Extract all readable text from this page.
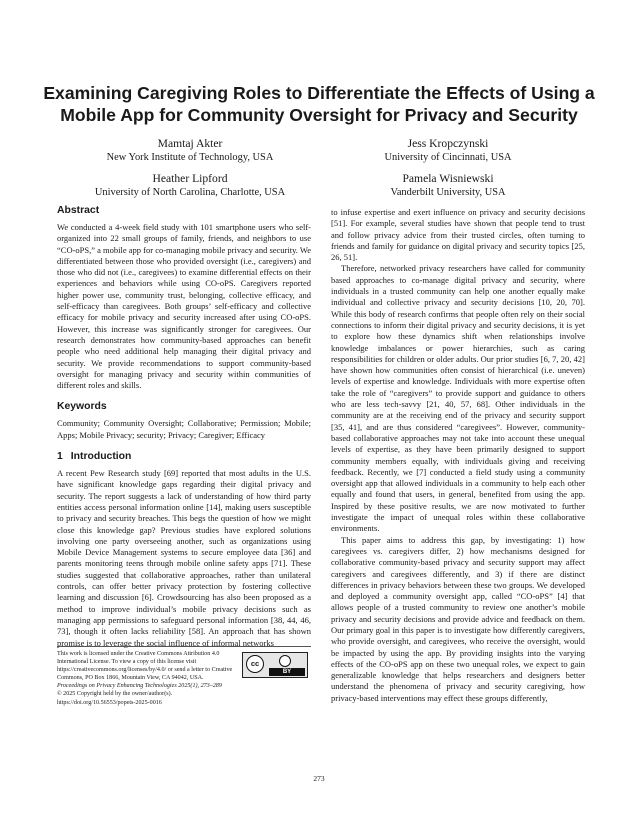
Examining Caregiving Roles to Differentiate the Effects of Using a Mobile App for Community Oversight for Privacy and Security
Mamtaj Akter
New York Institute of Technology, USA
Jess Kropczynski
University of Cincinnati, USA
Heather Lipford
University of North Carolina, Charlotte, USA
Pamela Wisniewski
Vanderbilt University, USA
Abstract

We conducted a 4-week field study with 101 smartphone users who self-organized into 22 small groups of family, friends, and neighbors to use “CO-oPS,” a mobile app for co-managing mobile privacy and security. We differentiated between those who provided oversight (i.e., caregivers) and those who did not (i.e., caregivees) to examine differential effects on their experiences and behaviors while using CO-oPS. Caregivers reported higher power use, community trust, belonging, collective efficacy, and self-efficacy than caregivees. Both groups’ self-efficacy and collective efficacy for mobile privacy and security increased after using CO-oPS. However, this increase was significantly stronger for caregivees. Our research demonstrates how community-based approaches can benefit people who need additional help managing their digital privacy and security. We provide recommendations to support community-based oversight for managing privacy and security within communities of different roles and skills.

Keywords

Community; Community Oversight; Collaborative; Permission; Mobile; Apps; Mobile Privacy; security; Privacy; Caregiver; Efficacy

1 Introduction

A recent Pew Research study [69] reported that most adults in the U.S. have significant knowledge gaps regarding their digital privacy and security. The report suggests a lack of understanding of how third party entities access personal information online [14], making users susceptible to privacy and security breaches. This begs the question of how we might close this knowledge gap? Previous studies have explored solutions involving one party overseeing another, such as organizations using Mobile Device Management systems to secure employee data [36] and parents monitoring teens through mobile online safety apps [71]. These studies suggested that collaborative approaches, rather than unilateral controls, can offer better privacy protection by fostering collective learning and discussion [6]. Crowdsourcing has also been proposed as a method to improve individual’s mobile privacy decisions such as managing app permissions to safeguard personal information [38, 44, 46, 73], though it often lacks reliability [58]. An approach that has shown promise is to leverage the social influence of informal networks

to infuse expertise and exert influence on privacy and security decisions [51]. For example, several studies have shown that people tend to trust and follow privacy advice from their trusted circles, often turning to friends and family for guidance on digital privacy and security topics [25, 26, 51].

Therefore, networked privacy researchers have called for community based approaches to co-manage digital privacy and security, where individuals in a trusted community can help one another equally make individual and collective privacy and security decisions [10, 20, 70]. While this body of research confirms that people often rely on their social connections to inform their digital privacy and security decisions, it is yet to explore how these dynamics shift when relationships involve knowledge imbalances or power hierarchies, such as caring responsibilities for children or older adults. Our prior studies [6, 7, 20, 42] have shown how communities often consist of hierarchical (i.e. uneven) levels of expertise and knowledge. Individuals with more expertise often take the role of “caregivers” to provide support and guidance to others who are less tech-savvy [21, 40, 57, 68]. Other individuals in the community are at the receiving end of the privacy and security support [35, 41], and are thus considered “caregivees”. However, community-based collaborative approaches may not take into account these unequal levels of expertise, as they have been primarily designed to support community members equally, with individuals giving and receiving feedback. Recently, we [7] conducted a field study using a community oversight app that allowed individuals in a community to help each other equally and found that users, in general, benefited from using the app. Inspired by these positive results, we are now motivated to further investigate the impact of unequal roles within these collaborative environments.

This paper aims to address this gap, by investigating: 1) how caregivees vs. caregivers differ, 2) how mechanisms designed for collaborative community-based privacy and security support may affect caregivers and caregivees differently, and 3) if there are distinct differences in privacy behaviors between these two groups. We developed and deployed a community oversight app, called “CO-oPS” [4] that allows people of a trusted community to review one another’s mobile privacy and security decisions and provide advice and feedback on them. Our primary goal in this paper is to investigate how differently caregivers, who provide oversight, and caregivees, who receive the oversight, would be impacted by using the app. By providing insights into the varying effects of the CO-oPS app on these two unequal roles, we expect to gain generalizable knowledge that helps researchers and designers better understand the phenomena of privacy and security caregiving, how privacy-based interventions may effect these groups differently,

This work is licensed under the Creative Commons Attribution 4.0 International License. To view a copy of this license visit https://creativecommons.org/licenses/by/4.0/ or send a letter to Creative Commons, PO Box 1866, Mountain View, CA 94042, USA.
Proceedings on Privacy Enhancing Technologies 2025(1), 273–289
© 2025 Copyright held by the owner/author(s).
https://doi.org/10.56553/popets-2025-0016
cc
BY
273
